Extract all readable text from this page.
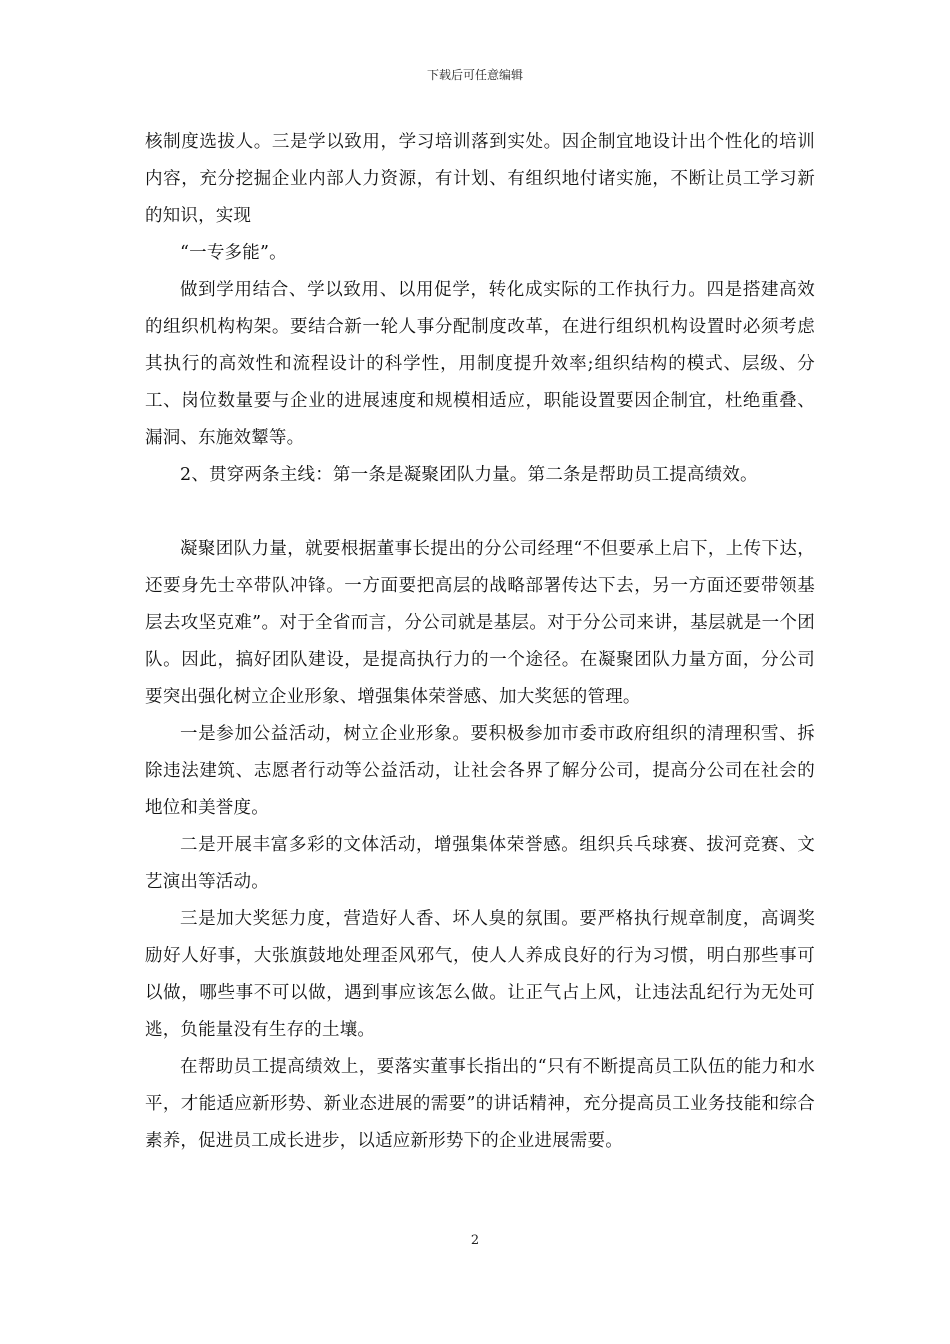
下载后可任意编辑

核制度选拔人。三是学以致用，学习培训落到实处。因企制宜地设计出个性化的培训内容，充分挖掘企业内部人力资源，有计划、有组织地付诸实施，不断让员工学习新的知识，实现

“一专多能”。

做到学用结合、学以致用、以用促学，转化成实际的工作执行力。四是搭建高效的组织机构构架。要结合新一轮人事分配制度改革，在进行组织机构设置时必须考虑其执行的高效性和流程设计的科学性，用制度提升效率;组织结构的模式、层级、分工、岗位数量要与企业的进展速度和规模相适应，职能设置要因企制宜，杜绝重叠、漏洞、东施效颦等。

2、贯穿两条主线：第一条是凝聚团队力量。第二条是帮助员工提高绩效。

凝聚团队力量，就要根据董事长提出的分公司经理“不但要承上启下，上传下达，还要身先士卒带队冲锋。一方面要把高层的战略部署传达下去，另一方面还要带领基层去攻坚克难”。对于全省而言，分公司就是基层。对于分公司来讲，基层就是一个团队。因此，搞好团队建设，是提高执行力的一个途径。在凝聚团队力量方面，分公司要突出强化树立企业形象、增强集体荣誉感、加大奖惩的管理。

一是参加公益活动，树立企业形象。要积极参加市委市政府组织的清理积雪、拆除违法建筑、志愿者行动等公益活动，让社会各界了解分公司，提高分公司在社会的地位和美誉度。

二是开展丰富多彩的文体活动，增强集体荣誉感。组织兵乓球赛、拔河竞赛、文艺演出等活动。

三是加大奖惩力度，营造好人香、坏人臭的氛围。要严格执行规章制度，高调奖励好人好事，大张旗鼓地处理歪风邪气，使人人养成良好的行为习惯，明白那些事可以做，哪些事不可以做，遇到事应该怎么做。让正气占上风，让违法乱纪行为无处可逃，负能量没有生存的土壤。

在帮助员工提高绩效上，要落实董事长指出的“只有不断提高员工队伍的能力和水平，才能适应新形势、新业态进展的需要”的讲话精神，充分提高员工业务技能和综合素养，促进员工成长进步，以适应新形势下的企业进展需要。

2
